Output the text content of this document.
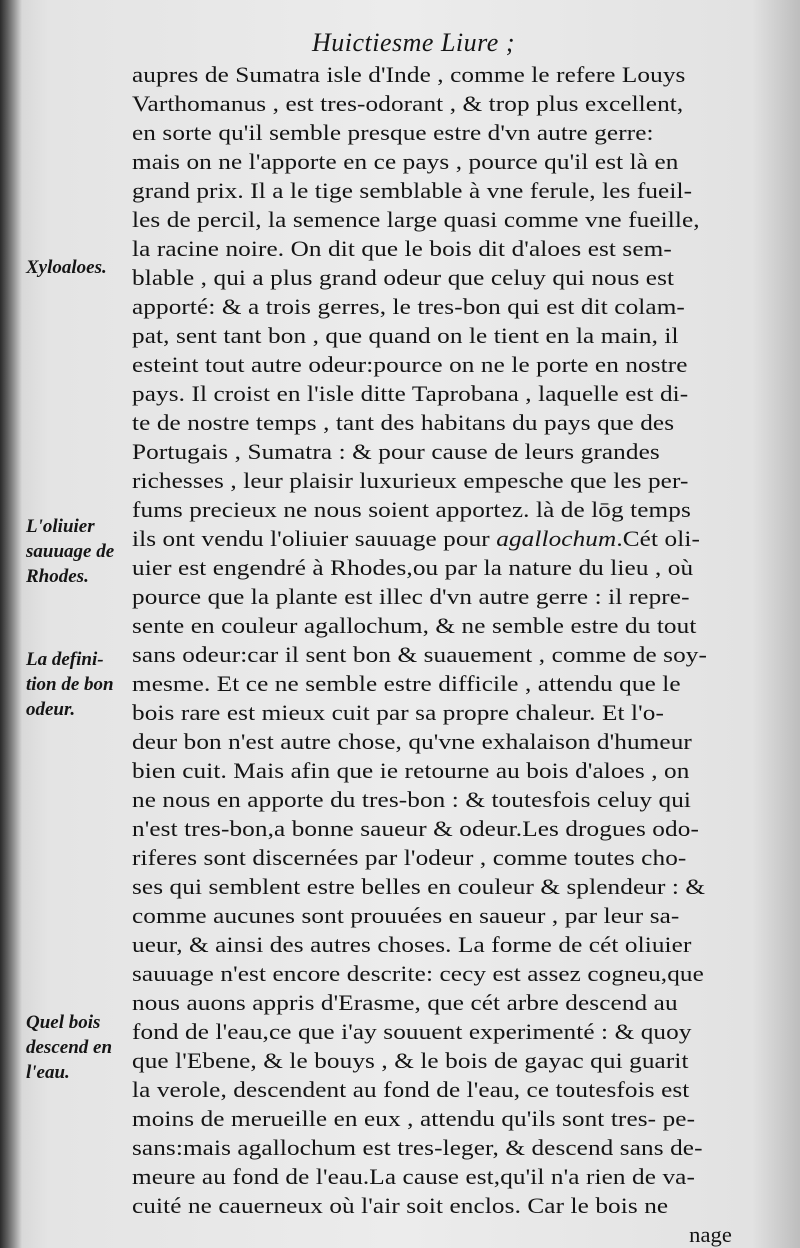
Huictiesme Liure ;
aupres de Sumatra isle d'Inde , comme le refere Louys
Varthomanus , est tres-odorant , & trop plus excellent,
en sorte qu'il semble presque estre d'vn autre gerre:
mais on ne l'apporte en ce pays , pource qu'il est là en
grand prix. Il a le tige semblable à vne ferule, les fueil-
les de percil, la semence large quasi comme vne fueille,
la racine noire. On dit que le bois dit d'aloes est sem-
blable , qui a plus grand odeur que celuy qui nous est
apporté: & a trois gerres, le tres-bon qui est dit colam-
pat, sent tant bon , que quand on le tient en la main, il
esteint tout autre odeur:pource on ne le porte en nostre
pays. Il croist en l'isle ditte Taprobana , laquelle est di-
te de nostre temps , tant des habitans du pays que des
Portugais , Sumatra : & pour cause de leurs grandes
richesses , leur plaisir luxurieux empesche que les per-
fums precieux ne nous soient apportez. là de lōg temps
ils ont vendu l'oliuier sauuage pour agallochum.Cét oli-
uier est engendré à Rhodes,ou par la nature du lieu , où
pource que la plante est illec d'vn autre gerre : il repre-
sente en couleur agallochum, & ne semble estre du tout
sans odeur:car il sent bon & suauement , comme de soy-
mesme. Et ce ne semble estre difficile , attendu que le
bois rare est mieux cuit par sa propre chaleur. Et l'o-
deur bon n'est autre chose, qu'vne exhalaison d'humeur
bien cuit. Mais afin que ie retourne au bois d'aloes , on
ne nous en apporte du tres-bon : & toutesfois celuy qui
n'est tres-bon,a bonne saueur & odeur.Les drogues odo-
riferes sont discernées par l'odeur , comme toutes cho-
ses qui semblent estre belles en couleur & splendeur : &
comme aucunes sont prouuées en saueur , par leur sa-
ueur, & ainsi des autres choses. La forme de cét oliuier
sauuage n'est encore descrite: cecy est assez cogneu,que
nous auons appris d'Erasme, que cét arbre descend au
fond de l'eau,ce que i'ay souuent experimenté : & quoy
que l'Ebene, & le bouys , & le bois de gayac qui guarit
la verole, descendent au fond de l'eau, ce toutesfois est
moins de merueille en eux , attendu qu'ils sont tres- pe-
sans:mais agallochum est tres-leger, & descend sans de-
meure au fond de l'eau.La cause est,qu'il n'a rien de va-
cuité ne cauerneux où l'air soit enclos. Car le bois ne
nage
Xyloaloes.
L'oliuier
sauuage de
Rhodes.
La defini-
tion de bon
odeur.
Quel bois
descend en
l'eau.
